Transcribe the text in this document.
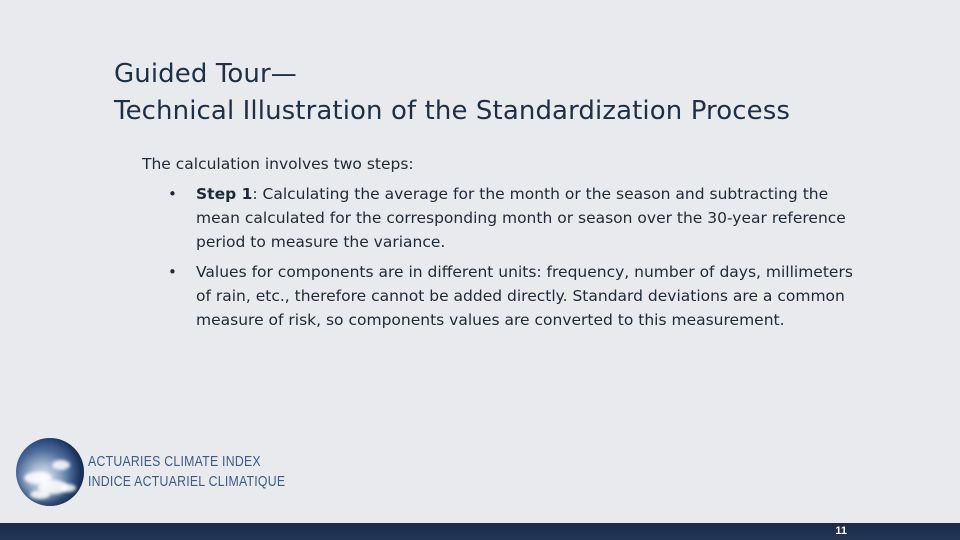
Guided Tour—
Technical Illustration of the Standardization Process

The calculation involves two steps:

• Step 1: Calculating the average for the month or the season and subtracting the mean calculated for the corresponding month or season over the 30-year reference period to measure the variance.
• Values for components are in different units: frequency, number of days, millimeters of rain, etc., therefore cannot be added directly. Standard deviations are a common measure of risk, so components values are converted to this measurement.
ACTUARIES CLIMATE INDEX
INDICE ACTUARIEL CLIMATIQUE
11
